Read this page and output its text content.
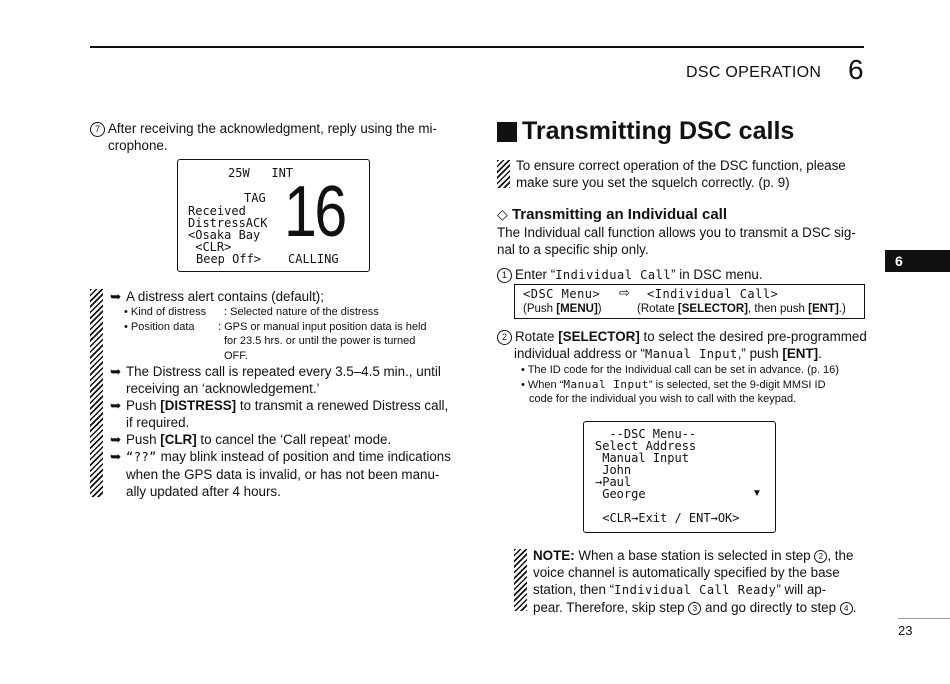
DSC OPERATION 6
6
23
7 After receiving the acknowledgment, reply using the mi-
crophone.
25W   INT
16
TAG
Received
DistressACK
<Osaka Bay
<CLR>
Beep Off> CALLING
➥ A distress alert contains (default);
• Kind of distress : Selected nature of the distress
• Position data : GPS or manual input position data is held
for 23.5 hrs. or until the power is turned
OFF.
➥ The Distress call is repeated every 3.5–4.5 min., until
receiving an ‘acknowledgement.’
➥ Push [DISTRESS] to transmit a renewed Distress call,
if required.
➥ Push [CLR] to cancel the ‘Call repeat’ mode.
➥ “??” may blink instead of position and time indications
when the GPS data is invalid, or has not been manu-
ally updated after 4 hours.
Transmitting DSC calls
To ensure correct operation of the DSC function, please
make sure you set the squelch correctly. (p. 9)
◇ Transmitting an Individual call
The Individual call function allows you to transmit a DSC sig-
nal to a specific ship only.
1 Enter “Individual Call” in DSC menu.
<DSC Menu> ⇨ <Individual Call>
(Push [MENU])	(Rotate [SELECTOR], then push [ENT].)
2 Rotate [SELECTOR] to select the desired pre-programmed
individual address or “Manual Input,” push [ENT].
• The ID code for the Individual call can be set in advance. (p. 16)
• When “Manual Input” is selected, set the 9-digit MMSI ID
code for the individual you wish to call with the keypad.
--DSC Menu--
Select Address
Manual Input
John
→Paul
George	▼
<CLR→Exit / ENT→OK>
NOTE: When a base station is selected in step 2 , the
voice channel is automatically specified by the base
station, then “Individual Call Ready” will ap-
pear. Therefore, skip step 3 and go directly to step 4 .
